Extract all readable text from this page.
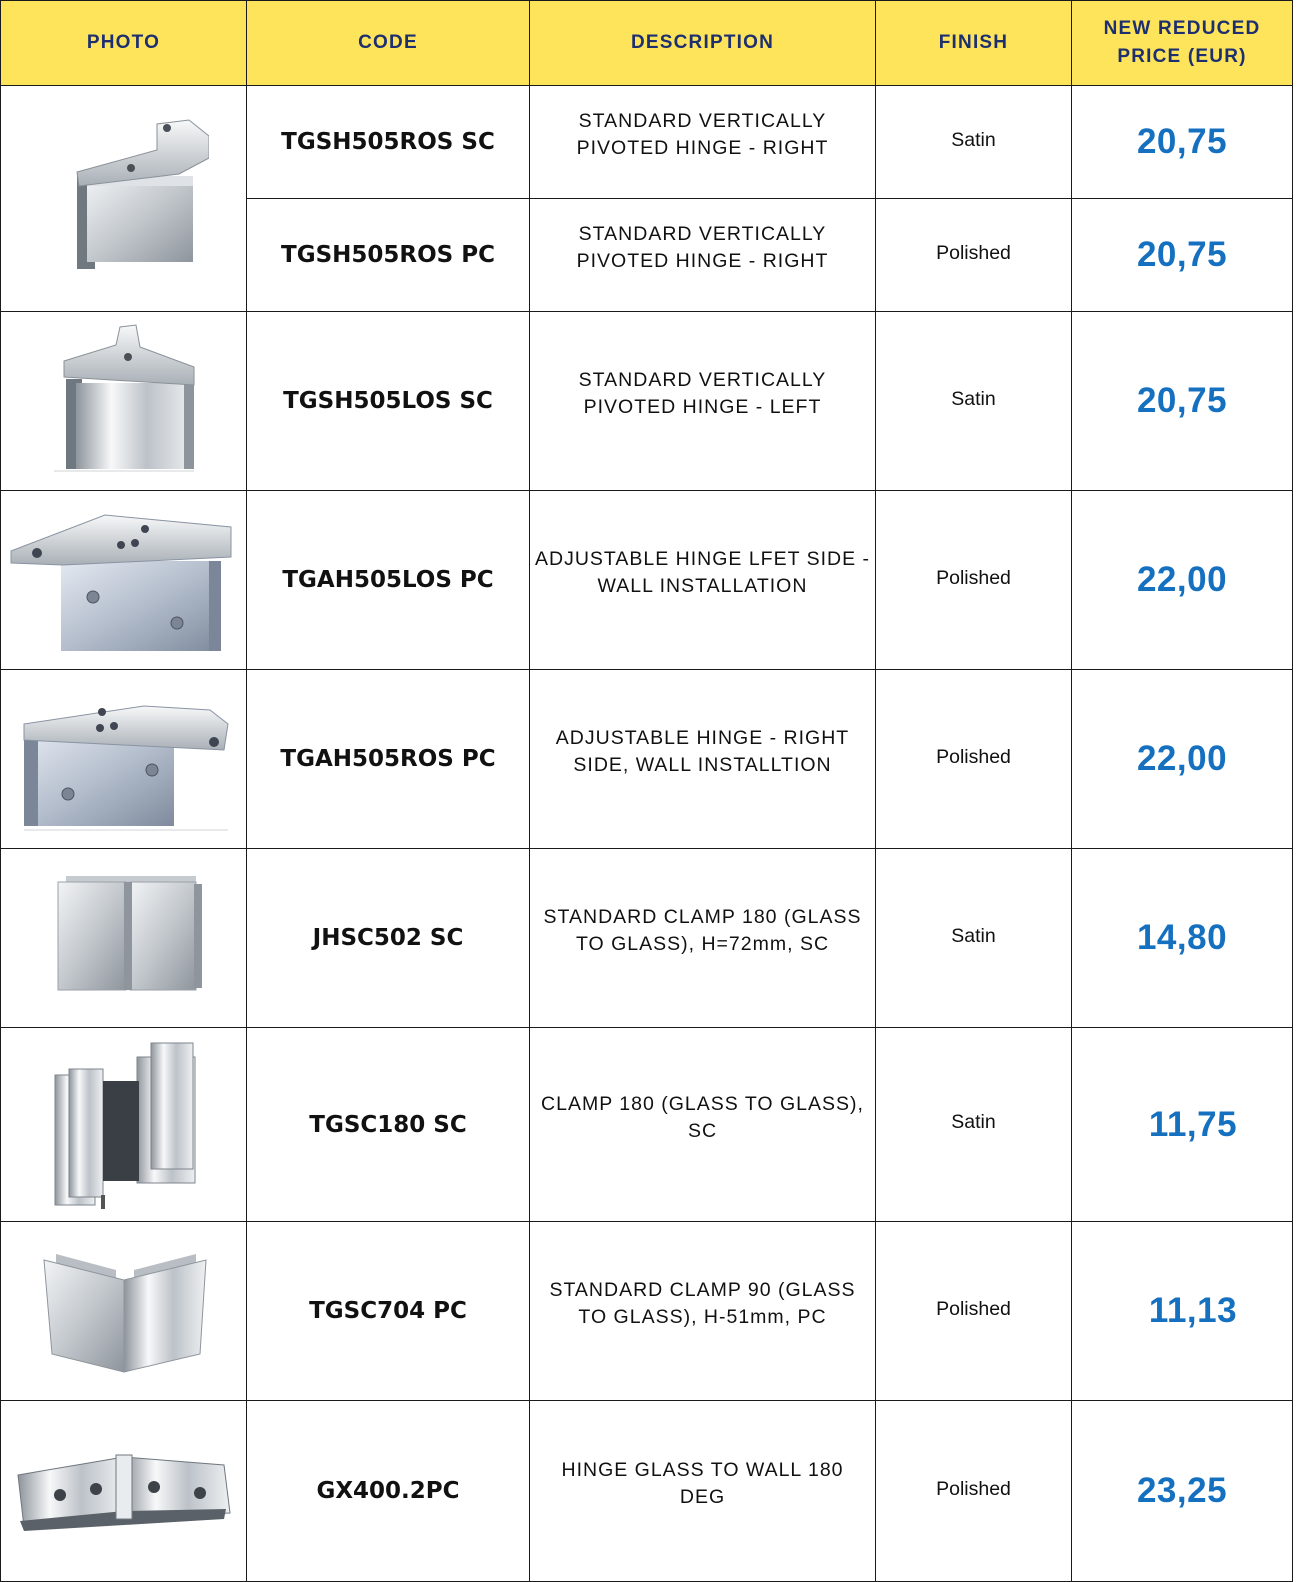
PHOTO	CODE	DESCRIPTION	FINISH	NEW REDUCED
PRICE (EUR)

	TGSH505ROS SC	STANDARD VERTICALLY
PIVOTED HINGE - RIGHT	Satin	20,75
	TGSH505ROS PC	STANDARD VERTICALLY
PIVOTED HINGE - RIGHT	Polished	20,75

	TGSH505LOS SC	STANDARD VERTICALLY
PIVOTED HINGE - LEFT	Satin	20,75

	TGAH505LOS PC	ADJUSTABLE HINGE LFET SIDE -
WALL INSTALLATION	Polished	22,00

	TGAH505ROS PC	ADJUSTABLE HINGE - RIGHT
SIDE, WALL INSTALLTION	Polished	22,00

	JHSC502 SC	STANDARD CLAMP 180 (GLASS
TO GLASS), H=72mm, SC	Satin	14,80

	TGSC180 SC	CLAMP 180 (GLASS TO GLASS),
SC	Satin	11,75

	TGSC704 PC	STANDARD CLAMP 90 (GLASS
TO GLASS), H-51mm, PC	Polished	11,13

	GX400.2PC	HINGE GLASS TO WALL 180
DEG	Polished	23,25
